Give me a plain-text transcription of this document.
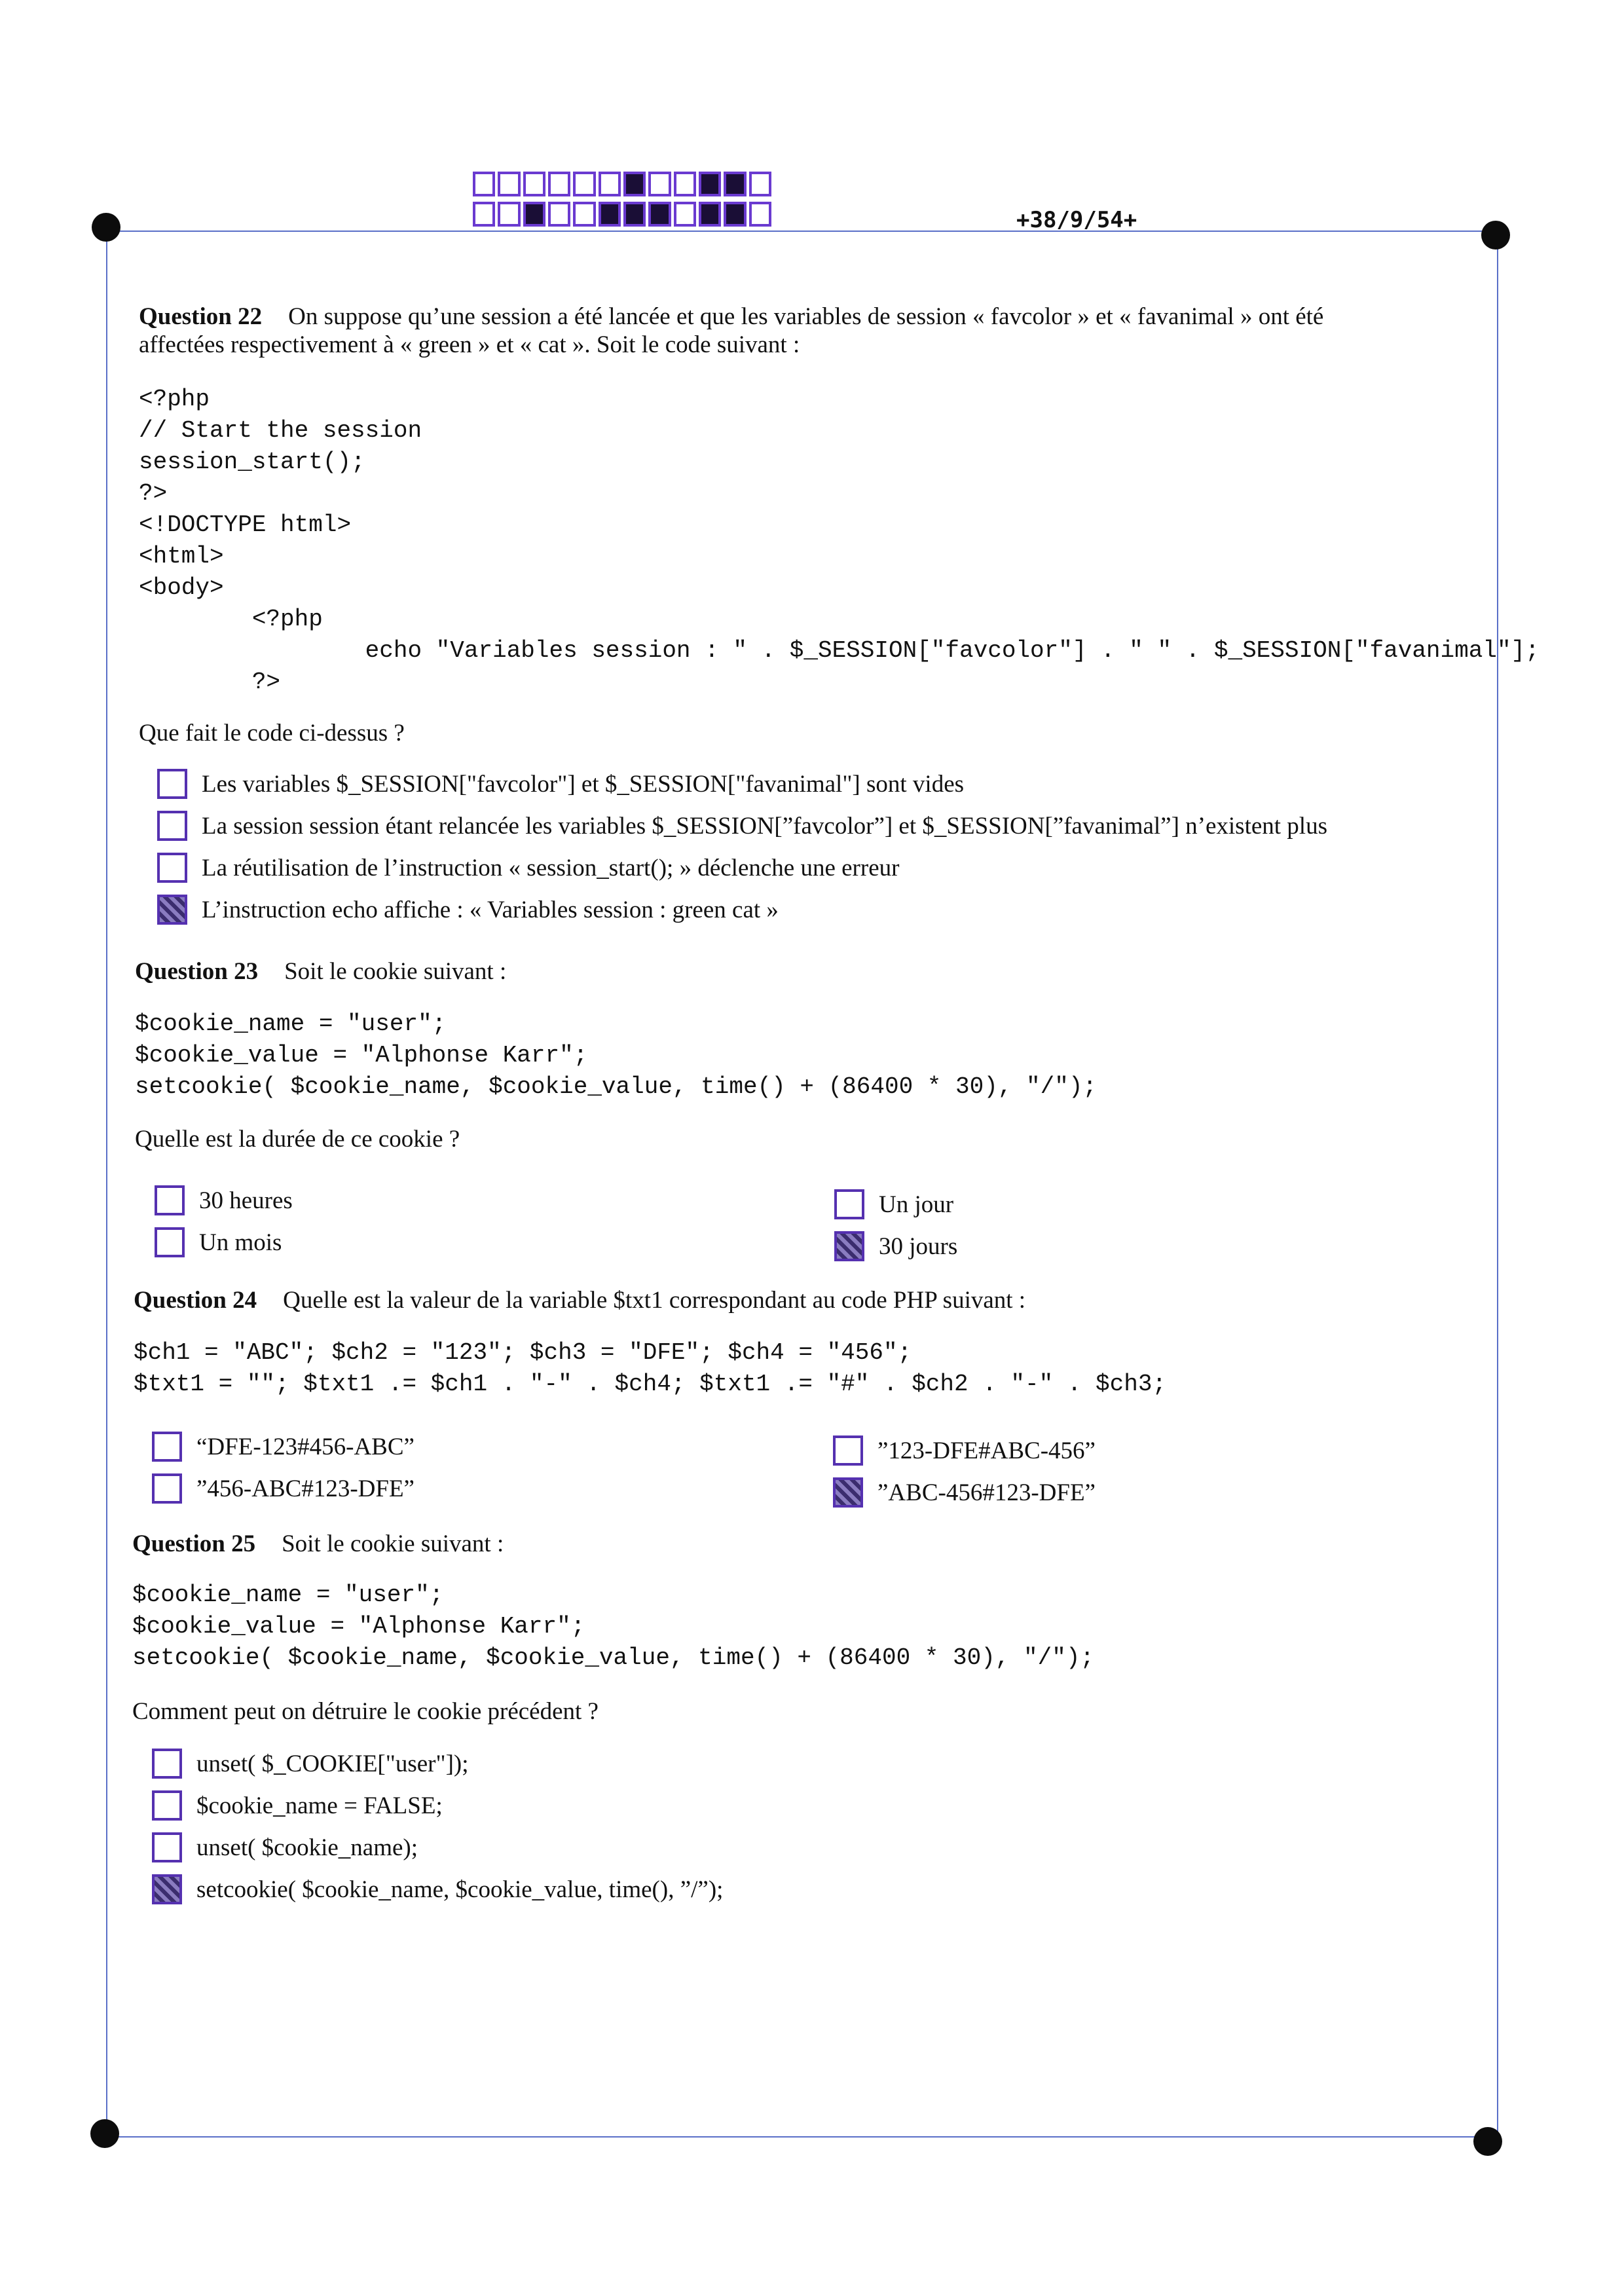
+38/9/54+
Question 22 On suppose qu’une session a été lancée et que les variables de session « favcolor » et « favanimal » ont été
affectées respectivement à « green » et « cat ». Soit le code suivant :
<?php
// Start the session
session_start();
?>
<!DOCTYPE html>
<html>
<body>
<?php
echo "Variables session : " . $_SESSION["favcolor"] . " " . $_SESSION["favanimal"];
?>
Que fait le code ci-dessus ?
Les variables $_SESSION["favcolor"] et $_SESSION["favanimal"] sont vides
La session session étant relancée les variables $_SESSION[”favcolor”] et $_SESSION[”favanimal”] n’existent plus
La réutilisation de l’instruction « session_start(); » déclenche une erreur
L’instruction echo affiche : « Variables session : green cat »
Question 23 Soit le cookie suivant :
$cookie_name = "user";
$cookie_value = "Alphonse Karr";
setcookie( $cookie_name, $cookie_value, time() + (86400 * 30), "/");
Quelle est la durée de ce cookie ?
30 heures
Un mois
Un jour
30 jours
Question 24 Quelle est la valeur de la variable $txt1 correspondant au code PHP suivant :
$ch1 = "ABC"; $ch2 = "123"; $ch3 = "DFE"; $ch4 = "456";
$txt1 = ""; $txt1 .= $ch1 . "-" . $ch4; $txt1 .= "#" . $ch2 . "-" . $ch3;
“DFE-123#456-ABC”
”456-ABC#123-DFE”
”123-DFE#ABC-456”
”ABC-456#123-DFE”
Question 25 Soit le cookie suivant :
$cookie_name = "user";
$cookie_value = "Alphonse Karr";
setcookie( $cookie_name, $cookie_value, time() + (86400 * 30), "/");
Comment peut on détruire le cookie précédent ?
unset( $_COOKIE["user"]);
$cookie_name = FALSE;
unset( $cookie_name);
setcookie( $cookie_name, $cookie_value, time(), ”/”);
